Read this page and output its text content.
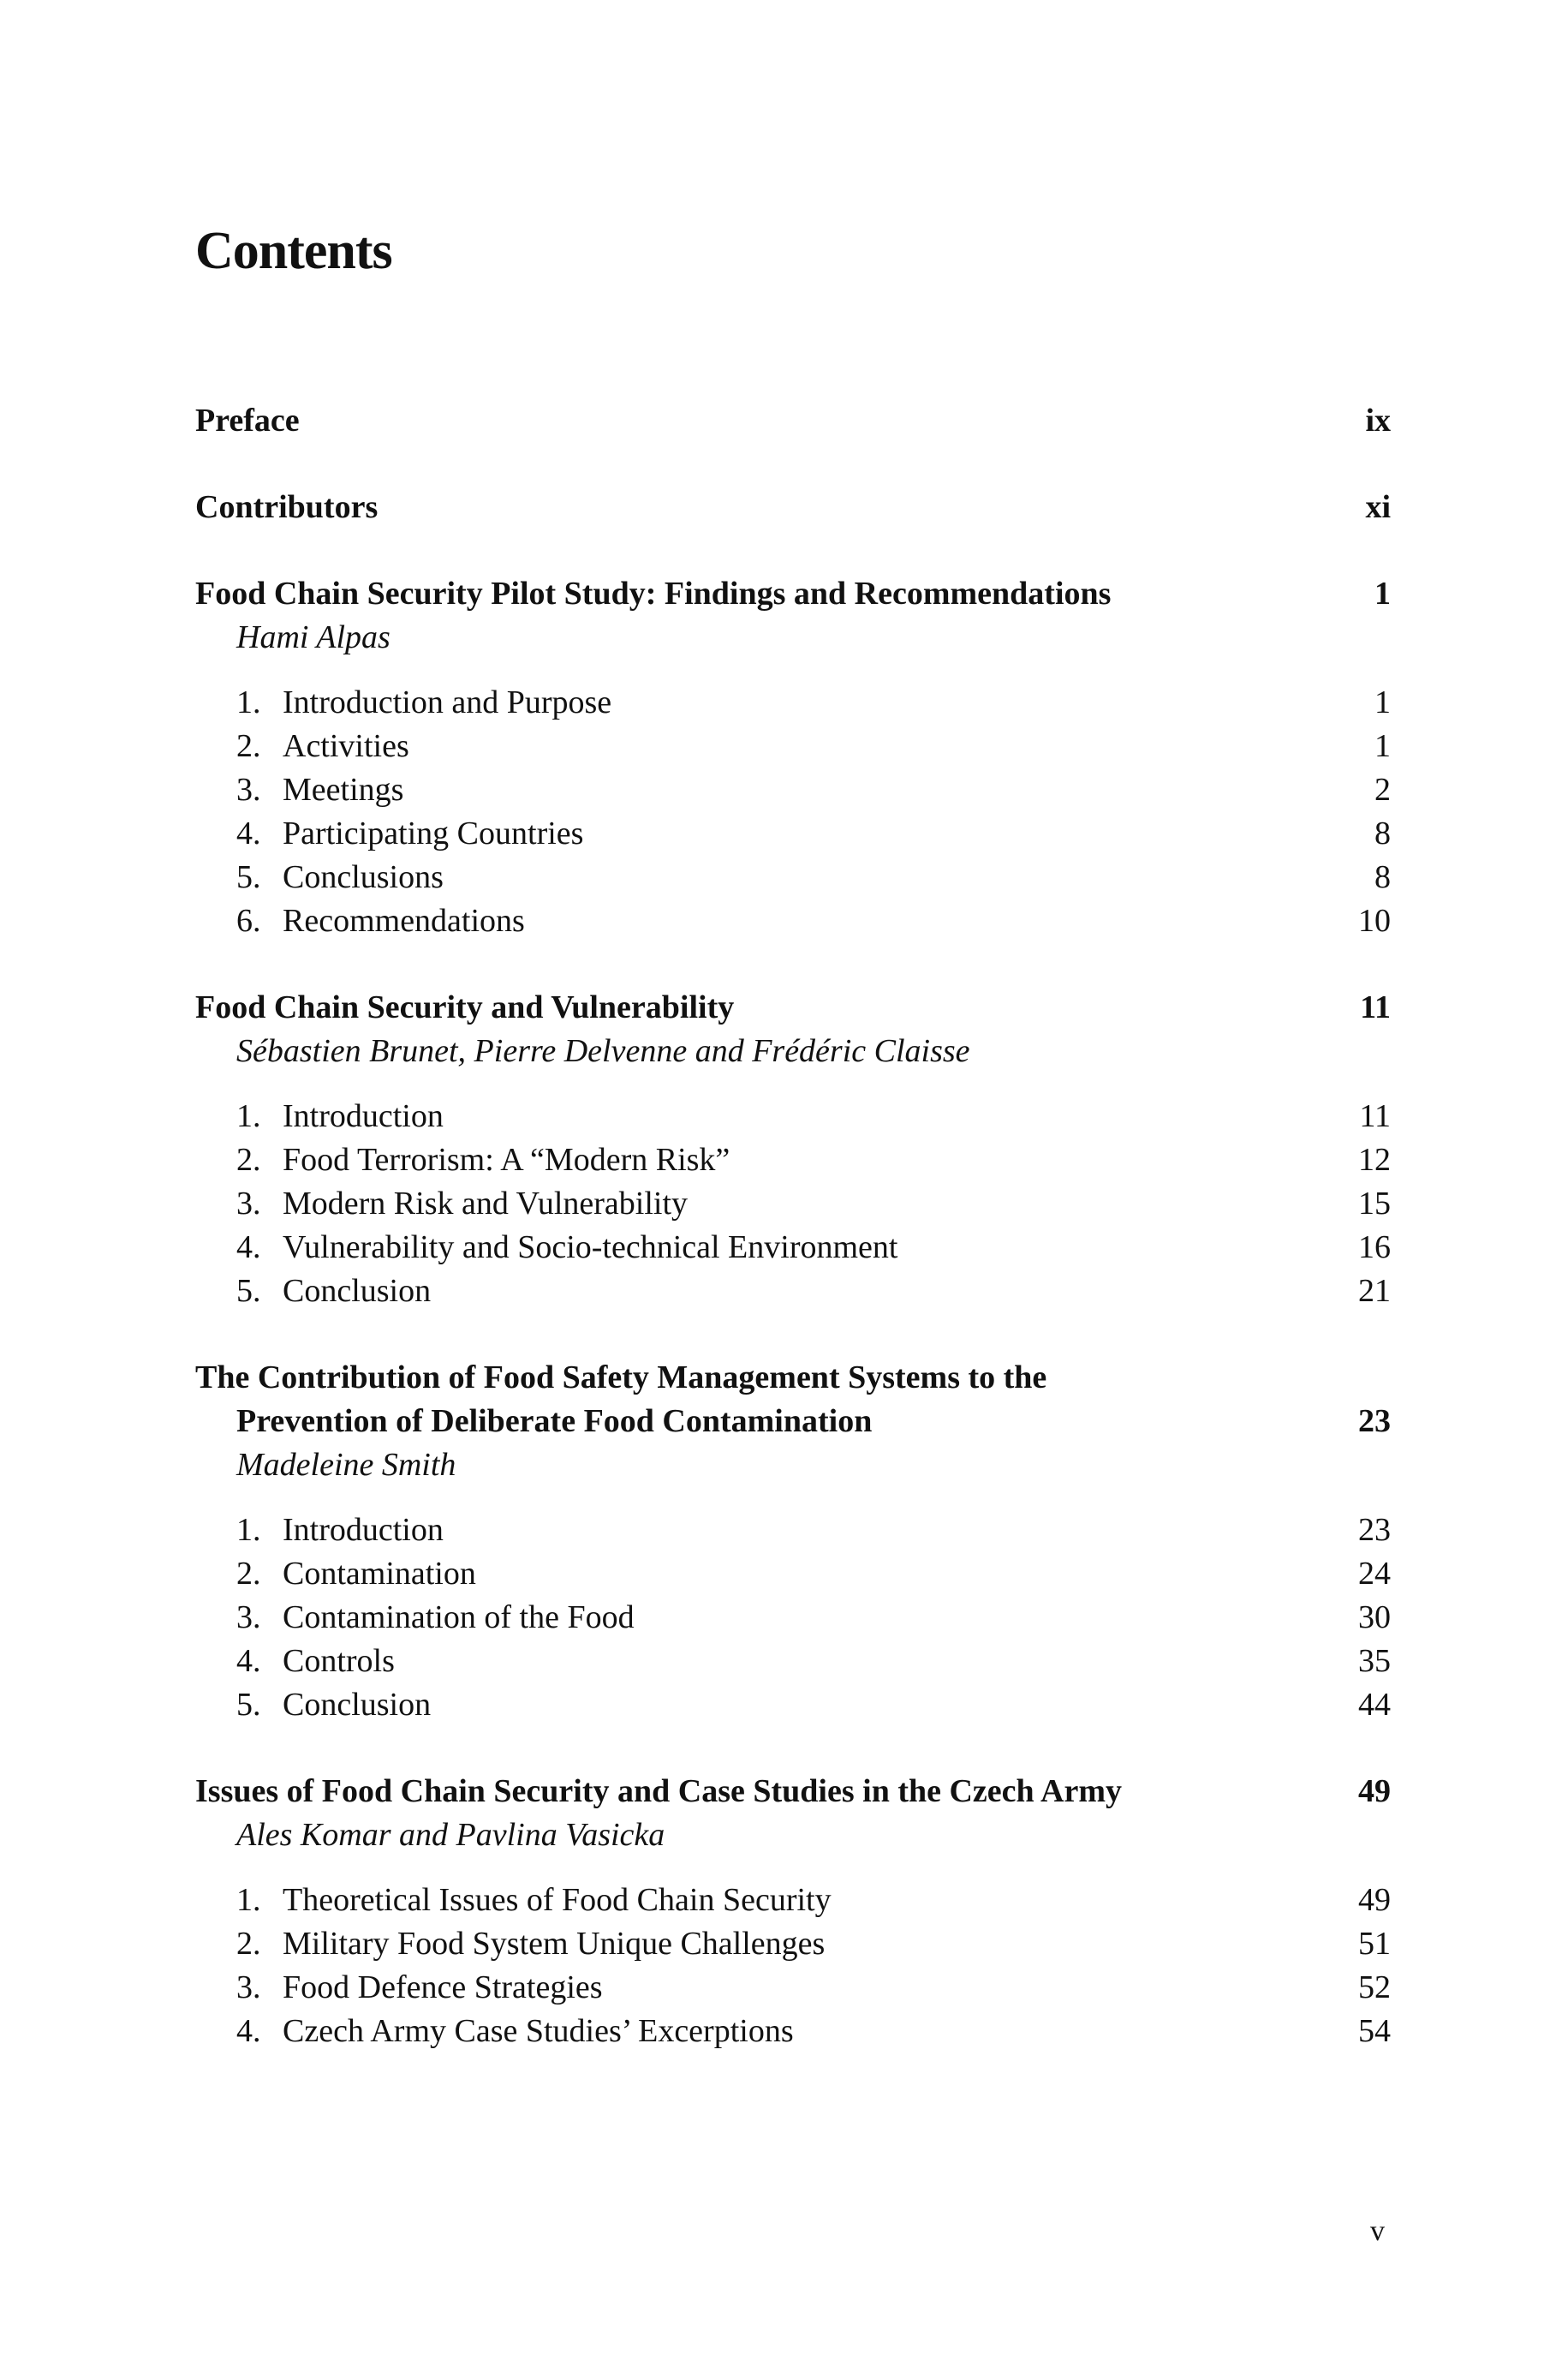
Contents
Preface	ix
Contributors	xi
Food Chain Security Pilot Study: Findings and Recommendations	1
Hami Alpas
1. Introduction and Purpose	1
2. Activities	1
3. Meetings	2
4. Participating Countries	8
5. Conclusions	8
6. Recommendations	10
Food Chain Security and Vulnerability	11
Sébastien Brunet, Pierre Delvenne and Frédéric Claisse
1. Introduction	11
2. Food Terrorism: A “Modern Risk”	12
3. Modern Risk and Vulnerability	15
4. Vulnerability and Socio-technical Environment	16
5. Conclusion	21
The Contribution of Food Safety Management Systems to the
Prevention of Deliberate Food Contamination	23
Madeleine Smith
1. Introduction	23
2. Contamination	24
3. Contamination of the Food	30
4. Controls	35
5. Conclusion	44
Issues of Food Chain Security and Case Studies in the Czech Army	49
Ales Komar and Pavlina Vasicka
1. Theoretical Issues of Food Chain Security	49
2. Military Food System Unique Challenges	51
3. Food Defence Strategies	52
4. Czech Army Case Studies’ Excerptions	54
v
